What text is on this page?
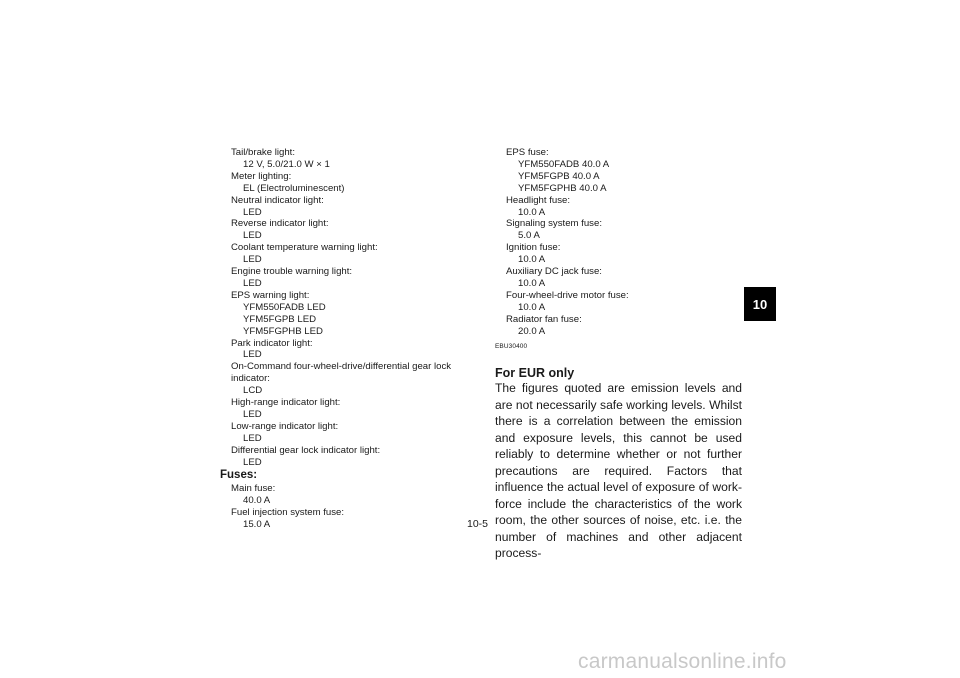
Tail/brake light:
12 V, 5.0/21.0 W × 1
Meter lighting:
EL (Electroluminescent)
Neutral indicator light:
LED
Reverse indicator light:
LED
Coolant temperature warning light:
LED
Engine trouble warning light:
LED
EPS warning light:
YFM550FADB LED
YFM5FGPB LED
YFM5FGPHB LED
Park indicator light:
LED
On-Command four-wheel-drive/differential gear lock
indicator:
LCD
High-range indicator light:
LED
Low-range indicator light:
LED
Differential gear lock indicator light:
LED
Fuses:
Main fuse:
40.0 A
Fuel injection system fuse:
15.0 A
EPS fuse:
YFM550FADB 40.0 A
YFM5FGPB 40.0 A
YFM5FGPHB 40.0 A
Headlight fuse:
10.0 A
Signaling system fuse:
5.0 A
Ignition fuse:
10.0 A
Auxiliary DC jack fuse:
10.0 A
Four-wheel-drive motor fuse:
10.0 A
Radiator fan fuse:
20.0 A
EBU30400
For EUR only
The figures quoted are emission levels and are not necessarily safe working levels. Whilst there is a correlation between the emission and exposure levels, this cannot be used reliably to determine whether or not further precautions are required. Factors that influence the actual level of exposure of work-force include the characteristics of the work room, the other sources of noise, etc. i.e. the number of machines and other adjacent process-
10-5
10
carmanualsonline.info
